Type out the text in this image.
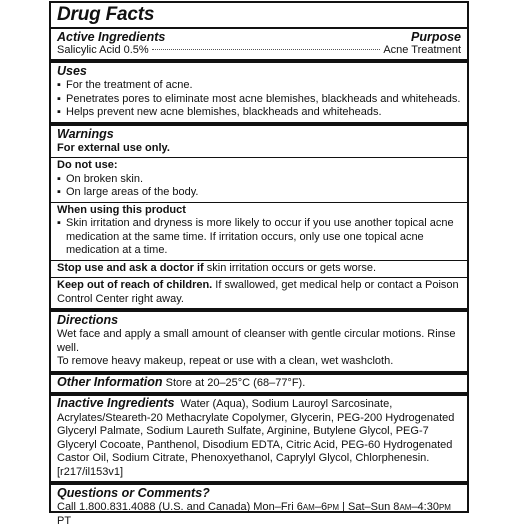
Drug Facts
Active Ingredients	Purpose
Salicylic Acid 0.5%	Acne Treatment
Uses
▪ For the treatment of acne.
▪ Penetrates pores to eliminate most acne blemishes, blackheads and whiteheads.
▪ Helps prevent new acne blemishes, blackheads and whiteheads.
Warnings
For external use only.
Do not use:
▪ On broken skin.
▪ On large areas of the body.
When using this product
▪ Skin irritation and dryness is more likely to occur if you use another topical acne medication at the same time. If irritation occurs, only use one topical acne medication at a time.
Stop use and ask a doctor if skin irritation occurs or gets worse.
Keep out of reach of children. If swallowed, get medical help or contact a Poison Control Center right away.
Directions
Wet face and apply a small amount of cleanser with gentle circular motions. Rinse well.
To remove heavy makeup, repeat or use with a clean, wet washcloth.
Other Information Store at 20–25°C (68–77°F).
Inactive Ingredients  Water (Aqua), Sodium Lauroyl Sarcosinate, Acrylates/Steareth-20 Methacrylate Copolymer, Glycerin, PEG-200 Hydrogenated Glyceryl Palmate, Sodium Laureth Sulfate, Arginine, Butylene Glycol, PEG-7 Glyceryl Cocoate, Panthenol, Disodium EDTA, Citric Acid, PEG-60 Hydrogenated Castor Oil, Sodium Citrate, Phenoxyethanol, Caprylyl Glycol, Chlorphenesin.    [r217/il153v1]
Questions or Comments?
Call 1.800.831.4088 (U.S. and Canada) Mon–Fri 6AM–6PM | Sat–Sun 8AM–4:30PM PT
